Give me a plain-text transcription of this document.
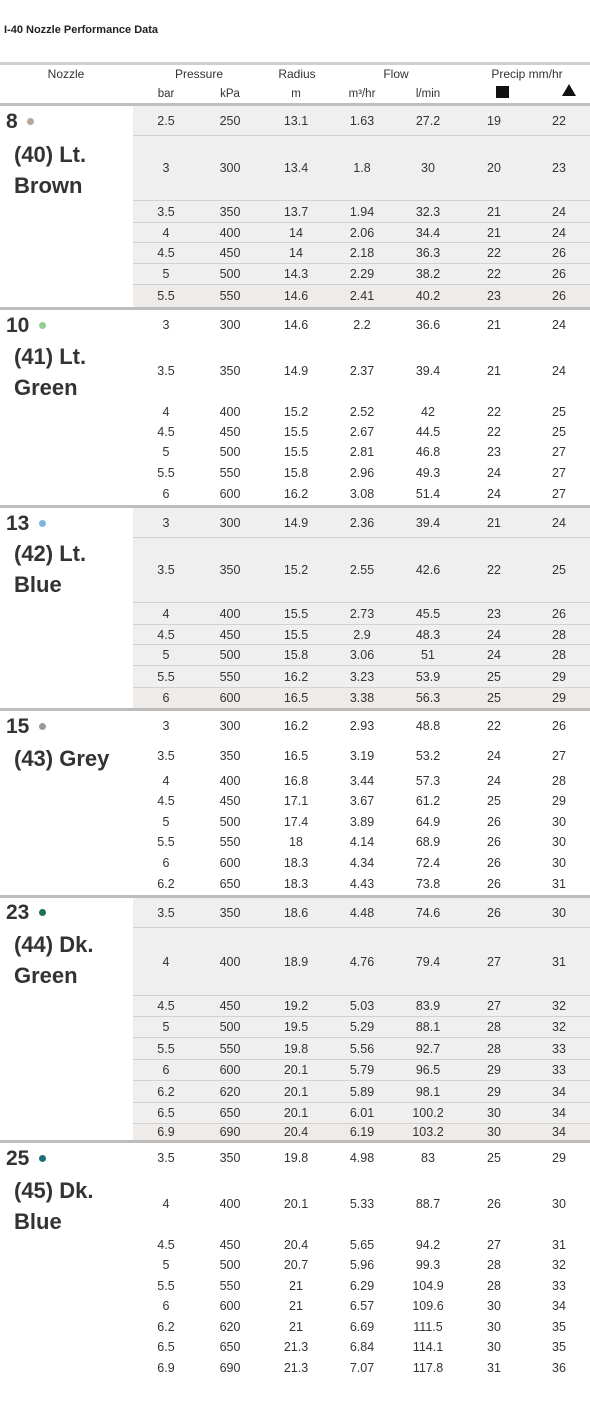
I-40 Nozzle Performance Data
Nozzle	Pressure	Radius	Flow	Precip mm/hr
bar	kPa	m	m³/hr	l/min
8
(40) Lt. Brown
2.5	250	13.1	1.63	27.2	19	22
3	300	13.4	1.8	30	20	23
3.5	350	13.7	1.94	32.3	21	24
4	400	14	2.06	34.4	21	24
4.5	450	14	2.18	36.3	22	26
5	500	14.3	2.29	38.2	22	26
5.5	550	14.6	2.41	40.2	23	26
10
(41) Lt. Green
3	300	14.6	2.2	36.6	21	24
3.5	350	14.9	2.37	39.4	21	24
4	400	15.2	2.52	42	22	25
4.5	450	15.5	2.67	44.5	22	25
5	500	15.5	2.81	46.8	23	27
5.5	550	15.8	2.96	49.3	24	27
6	600	16.2	3.08	51.4	24	27
13
(42) Lt. Blue
3	300	14.9	2.36	39.4	21	24
3.5	350	15.2	2.55	42.6	22	25
4	400	15.5	2.73	45.5	23	26
4.5	450	15.5	2.9	48.3	24	28
5	500	15.8	3.06	51	24	28
5.5	550	16.2	3.23	53.9	25	29
6	600	16.5	3.38	56.3	25	29
15
(43) Grey
3	300	16.2	2.93	48.8	22	26
3.5	350	16.5	3.19	53.2	24	27
4	400	16.8	3.44	57.3	24	28
4.5	450	17.1	3.67	61.2	25	29
5	500	17.4	3.89	64.9	26	30
5.5	550	18	4.14	68.9	26	30
6	600	18.3	4.34	72.4	26	30
6.2	650	18.3	4.43	73.8	26	31
23
(44) Dk. Green
3.5	350	18.6	4.48	74.6	26	30
4	400	18.9	4.76	79.4	27	31
4.5	450	19.2	5.03	83.9	27	32
5	500	19.5	5.29	88.1	28	32
5.5	550	19.8	5.56	92.7	28	33
6	600	20.1	5.79	96.5	29	33
6.2	620	20.1	5.89	98.1	29	34
6.5	650	20.1	6.01	100.2	30	34
6.9	690	20.4	6.19	103.2	30	34
25
(45) Dk. Blue
3.5	350	19.8	4.98	83	25	29
4	400	20.1	5.33	88.7	26	30
4.5	450	20.4	5.65	94.2	27	31
5	500	20.7	5.96	99.3	28	32
5.5	550	21	6.29	104.9	28	33
6	600	21	6.57	109.6	30	34
6.2	620	21	6.69	111.5	30	35
6.5	650	21.3	6.84	114.1	30	35
6.9	690	21.3	7.07	117.8	31	36
